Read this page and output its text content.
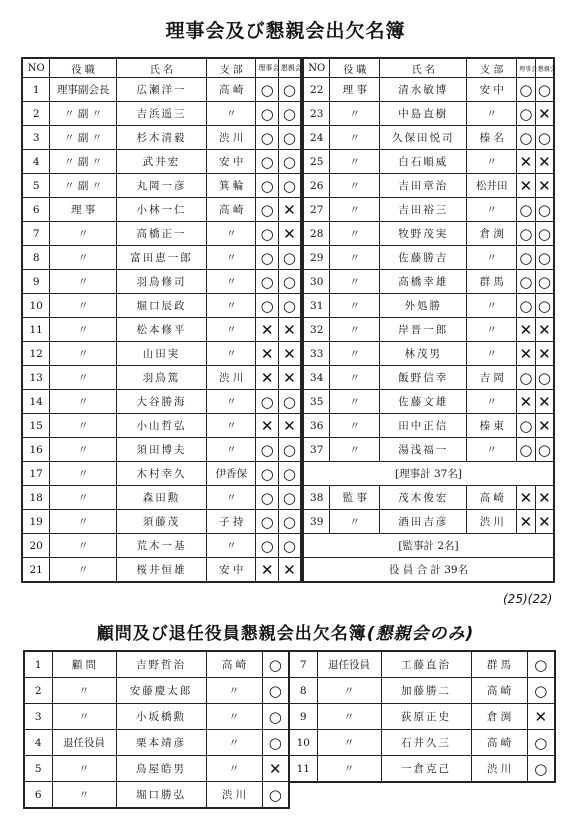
理事会及び懇親会出欠名簿
NO	役 職	氏 名	支 部	理事会	懇親会
1	理事副会長	広瀬洋一	高 崎	○	○
2	〃 副 〃	吉浜遥三	〃	○	○
3	〃 副 〃	杉木清毅	渋 川	○	○
4	〃 副 〃	武井宏	安 中	○	○
5	〃 副 〃	丸岡一彦	箕 輪	○	○
6	理 事	小林一仁	高 崎	○	✕
7	〃	高橋正一	〃	○	✕
8	〃	富田恵一郎	〃	○	○
9	〃	羽鳥修司	〃	○	○
10	〃	堀口辰政	〃	○	○
11	〃	松本修平	〃	✕	✕
12	〃	山田実	〃	✕	✕
13	〃	羽鳥篤	渋 川	✕	✕
14	〃	大谷勝海	〃	○	○
15	〃	小山哲弘	〃	✕	✕
16	〃	須田博夫	〃	○	○
17	〃	木村幸久	伊香保	○	○
18	〃	森田勲	〃	○	○
19	〃	須藤茂	子 持	○	○
20	〃	荒木一基	〃	○	○
21	〃	桜井恒雄	安 中	✕	✕
NO	役 職	氏 名	支 部	理事会	懇親会
22	理 事	清水敏博	安 中	○	○
23	〃	中島直樹	〃	○	✕
24	〃	久保田悦司	榛 名	○	○
25	〃	白石順威	〃	✕	✕
26	〃	吉田章治	松井田	✕	✕
27	〃	吉田裕三	〃	○	○
28	〃	牧野茂実	倉 渕	○	○
29	〃	佐藤勝吉	〃	○	○
30	〃	高橋幸雄	群 馬	○	○
31	〃	外処勝	〃	○	○
32	〃	岸晋一郎	〃	✕	✕
33	〃	林茂男	〃	✕	✕
34	〃	飯野信幸	吉 岡	○	○
35	〃	佐藤文雄	〃	✕	✕
36	〃	田中正信	榛 東	○	✕
37	〃	湯浅福一	〃	○	○
[理事計 37名]					
38	監 事	茂木俊宏	高 崎	✕	✕
39	〃	酒田吉彦	渋 川	✕	✕
[監事計 2名]					
役 員 合 計 39名					
(25)(22)
顧問及び退任役員懇親会出欠名簿(懇親会のみ)
1	顧 問	吉野哲治	高 崎	○
2	〃	安藤慶太郎	〃	○
3	〃	小坂橋勲	〃	○
4	退任役員	栗本靖彦	〃	○
5	〃	鳥屋皓男	〃	✕
6	〃	堀口勝弘	渋 川	○
7	退任役員	工藤直治	群 馬	○
8	〃	加藤勝二	高 崎	○
9	〃	荻原正史	倉 渕	✕
10	〃	石井久三	高 崎	○
11	〃	一倉克己	渋 川	○
